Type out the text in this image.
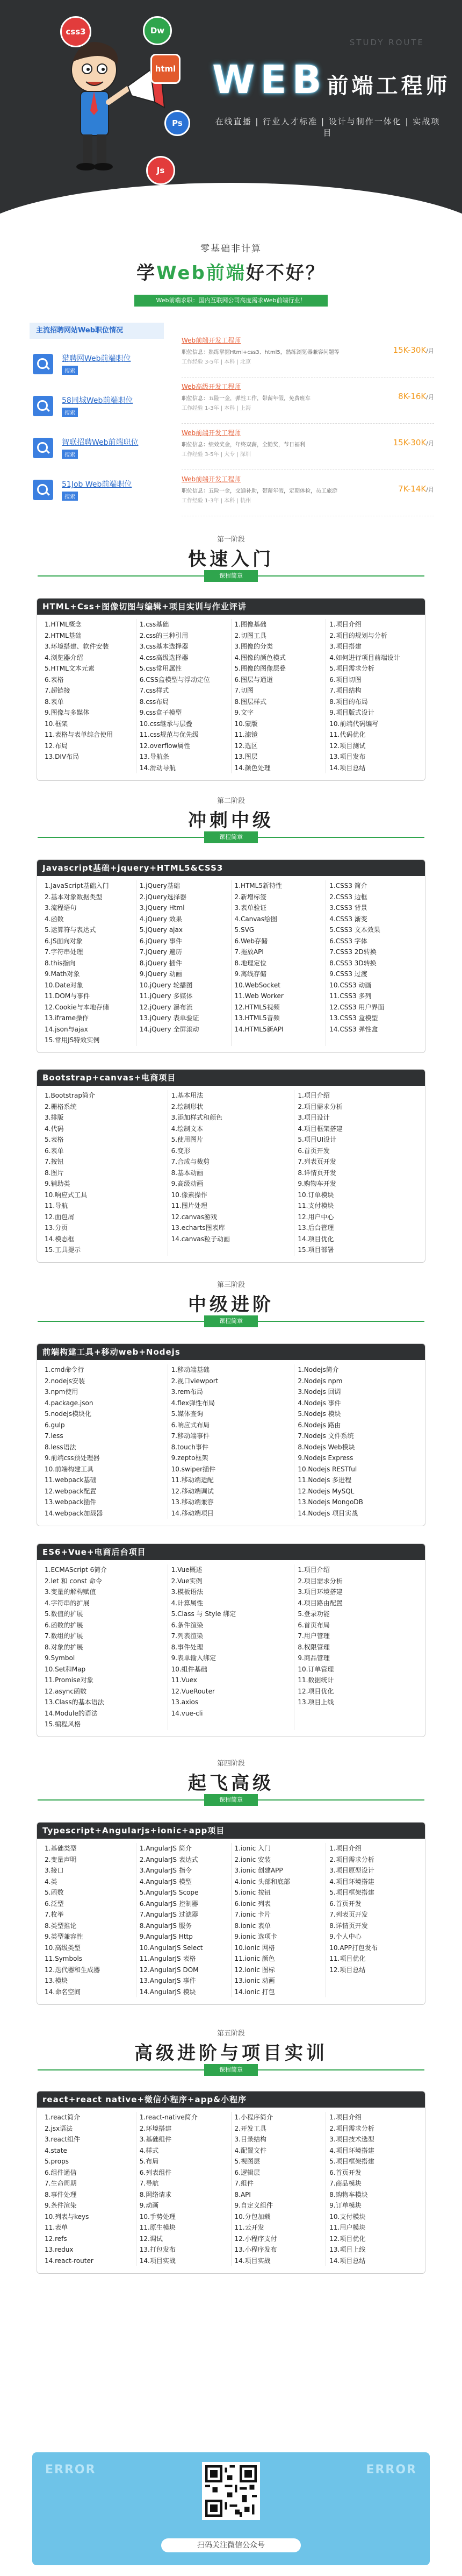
STUDY ROUTE
css3	Dw
html
Ps
Js
WEB前端工程师
在线直播 | 行业人才标准 | 设计与制作一体化 | 实战项目
零基础非计算
学Web前端好不好？
Web前端求职：国内互联网公司高度需求Web前端行业！
主流招聘网站Web职位情况
猎聘网Web前端职位
搜索
58同城Web前端职位
搜索
智联招聘Web前端职位
搜索
51Job Web前端职位
搜索
Web前端开发工程师
职位信息：熟练掌握Html+css3、html5，熟练浏览器兼容问题等
工作经验 3-5年 | 本科 | 北京
15K-30K/月
Web高级开发工程师
职位信息：五险一金，弹性工作，带薪年假，免费班车
工作经验 1-3年 | 本科 | 上海
8K-16K/月
Web前端开发工程师
职位信息：绩效奖金，年终双薪，全勤奖，节日福利
工作经验 3-5年 | 大专 | 深圳
15K-30K/月
Web前端开发工程师
职位信息：五险一金，交通补助，带薪年假，定期体检，员工旅游
工作经验 1-3年 | 本科 | 杭州
7K-14K/月
第一阶段
快速入门
课程简章
HTML+Css+图像切图与编辑+项目实训与作业评讲
1.HTML概念
2.HTML基础
3.环境搭建、软件安装
4.浏览器介绍
5.HTML文本元素
6.表格
7.超链接
8.表单
9.图像与多媒体
10.框架
11.表格与表单综合使用
12.布局
13.DIV布局
1.css基础
2.css的三种引用
3.css基本选择器
4.css高级选择器
5.css常用属性
6.CSS盒模型与浮动定位
7.css样式
8.css布局
9.css盒子模型
10.css继承与层叠
11.css规范与优先级
12.overflow属性
13.导航条
14.滑动导航
1.图像基础
2.切图工具
3.图像的分类
4.图像的颜色模式
5.图像的图像层叠
6.图层与通道
7.切图
8.图层样式
9.文字
10.蒙版
11.滤镜
12.选区
13.图层
14.颜色处理
1.项目介绍
2.项目的规划与分析
3.项目搭建
4.如何进行项目前端设计
5.项目需求分析
6.项目切图
7.项目结构
8.项目的布局
9.项目版式设计
10.前端代码编写
11.代码优化
12.项目测试
13.项目发布
14.项目总结
第二阶段
冲刺中级
课程简章
Javascript基础+jquery+HTML5&CSS3
1.JavaScript基础入门
2.基本对象数据类型
3.流程语句
4.函数
5.运算符与表达式
6.JS面向对象
7.字符串处理
8.this指向
9.Math对象
10.Date对象
11.DOM与事件
12.Cookie与本地存储
13.iframe操作
14.json与ajax
15.常用JS特效实例
1.jQuery基础
2.jQuery选择器
3.jQuery Html
4.jQuery 效果
5.jQuery ajax
6.jQuery 事件
7.jQuery 遍历
8.jQuery 插件
9.jQuery 动画
10.jQuery 轮播图
11.jQuery 多媒体
12.jQuery 瀑布流
13.jQuery 表单验证
14.jQuery 全屏滚动
1.HTML5新特性
2.新增标签
3.表单验证
4.Canvas绘图
5.SVG
6.Web存储
7.拖放API
8.地理定位
9.离线存储
10.WebSocket
11.Web Worker
12.HTML5视频
13.HTML5音频
14.HTML5新API
1.CSS3 简介
2.CSS3 边框
3.CSS3 背景
4.CSS3 渐变
5.CSS3 文本效果
6.CSS3 字体
7.CSS3 2D转换
8.CSS3 3D转换
9.CSS3 过渡
10.CSS3 动画
11.CSS3 多列
12.CSS3 用户界面
13.CSS3 盒模型
14.CSS3 弹性盒
Bootstrap+canvas+电商项目
1.Bootstrap简介
2.栅格系统
3.排版
4.代码
5.表格
6.表单
7.按钮
8.图片
9.辅助类
10.响应式工具
11.导航
12.面包屑
13.分页
14.模态框
15.工具提示
1.基本用法
2.绘制形状
3.添加样式和颜色
4.绘制文本
5.使用图片
6.变形
7.合成与裁剪
8.基本动画
9.高级动画
10.像素操作
11.图片处理
12.canvas游戏
13.echarts图表库
14.canvas粒子动画
1.项目介绍
2.项目需求分析
3.项目设计
4.项目框架搭建
5.项目UI设计
6.首页开发
7.列表页开发
8.详情页开发
9.购物车开发
10.订单模块
11.支付模块
12.用户中心
13.后台管理
14.项目优化
15.项目部署
第三阶段
中级进阶
课程简章
前端构建工具+移动web+Nodejs
1.cmd命令行
2.nodejs安装
3.npm使用
4.package.json
5.nodejs模块化
6.gulp
7.less
8.less语法
9.前端css预处理器
10.前端构建工具
11.webpack基础
12.webpack配置
13.webpack插件
14.webpack加载器
1.移动端基础
2.视口viewport
3.rem布局
4.flex弹性布局
5.媒体查询
6.响应式布局
7.移动端事件
8.touch事件
9.zepto框架
10.swiper插件
11.移动端适配
12.移动端调试
13.移动端兼容
14.移动端项目
1.Nodejs简介
2.Nodejs npm
3.Nodejs 回调
4.Nodejs 事件
5.Nodejs 模块
6.Nodejs 路由
7.Nodejs 文件系统
8.Nodejs Web模块
9.Nodejs Express
10.Nodejs RESTful
11.Nodejs 多进程
12.Nodejs MySQL
13.Nodejs MongoDB
14.Nodejs 项目实战
ES6+Vue+电商后台项目
1.ECMAScript 6简介
2.let 和 const 命令
3.变量的解构赋值
4.字符串的扩展
5.数值的扩展
6.函数的扩展
7.数组的扩展
8.对象的扩展
9.Symbol
10.Set和Map
11.Promise对象
12.async函数
13.Class的基本语法
14.Module的语法
15.编程风格
1.Vue概述
2.Vue实例
3.模板语法
4.计算属性
5.Class 与 Style 绑定
6.条件渲染
7.列表渲染
8.事件处理
9.表单输入绑定
10.组件基础
11.Vuex
12.VueRouter
13.axios
14.vue-cli
1.项目介绍
2.项目需求分析
3.项目环境搭建
4.项目路由配置
5.登录功能
6.首页布局
7.用户管理
8.权限管理
9.商品管理
10.订单管理
11.数据统计
12.项目优化
13.项目上线
第四阶段
起飞高级
课程简章
Typescript+Angularjs+ionic+app项目
1.基础类型
2.变量声明
3.接口
4.类
5.函数
6.泛型
7.枚举
8.类型推论
9.类型兼容性
10.高级类型
11.Symbols
12.迭代器和生成器
13.模块
14.命名空间
1.AngularJS 简介
2.AngularJS 表达式
3.AngularJS 指令
4.AngularJS 模型
5.AngularJS Scope
6.AngularJS 控制器
7.AngularJS 过滤器
8.AngularJS 服务
9.AngularJS Http
10.AngularJS Select
11.AngularJS 表格
12.AngularJS DOM
13.AngularJS 事件
14.AngularJS 模块
1.ionic 入门
2.ionic 安装
3.ionic 创建APP
4.ionic 头部和底部
5.ionic 按钮
6.ionic 列表
7.ionic 卡片
8.ionic 表单
9.ionic 选项卡
10.ionic 网格
11.ionic 颜色
12.ionic 图标
13.ionic 动画
14.ionic 打包
1.项目介绍
2.项目需求分析
3.项目原型设计
4.项目环境搭建
5.项目框架搭建
6.首页开发
7.列表页开发
8.详情页开发
9.个人中心
10.APP打包发布
11.项目优化
12.项目总结
第五阶段
高级进阶与项目实训
课程简章
react+react native+微信小程序+app&小程序
1.react简介
2.jsx语法
3.react组件
4.state
5.props
6.组件通信
7.生命周期
8.事件处理
9.条件渲染
10.列表与keys
11.表单
12.refs
13.redux
14.react-router
1.react-native简介
2.环境搭建
3.基础组件
4.样式
5.布局
6.列表组件
7.导航
8.网络请求
9.动画
10.手势处理
11.原生模块
12.调试
13.打包发布
14.项目实战
1.小程序简介
2.开发工具
3.目录结构
4.配置文件
5.视图层
6.逻辑层
7.组件
8.API
9.自定义组件
10.分包加载
11.云开发
12.小程序支付
13.小程序发布
14.项目实战
1.项目介绍
2.项目需求分析
3.项目技术选型
4.项目环境搭建
5.项目框架搭建
6.首页开发
7.商品模块
8.购物车模块
9.订单模块
10.支付模块
11.用户模块
12.项目优化
13.项目上线
14.项目总结
ERROR	ERROR
扫码关注微信公众号
